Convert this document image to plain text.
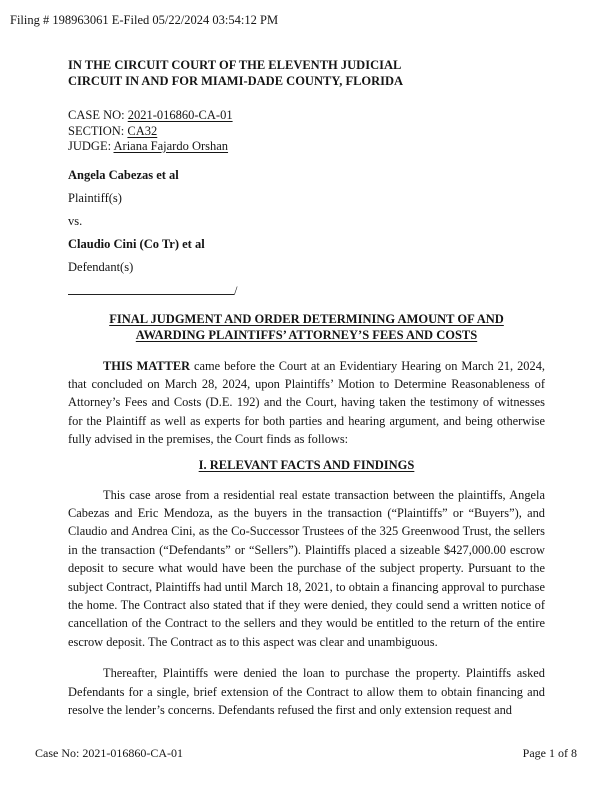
Filing # 198963061 E-Filed 05/22/2024 03:54:12 PM
IN THE CIRCUIT COURT OF THE ELEVENTH JUDICIAL
CIRCUIT IN AND FOR MIAMI-DADE COUNTY, FLORIDA
CASE NO: 2021-016860-CA-01
SECTION: CA32
JUDGE: Ariana Fajardo Orshan

Angela Cabezas et al

Plaintiff(s)

vs.

Claudio Cini (Co Tr) et al

Defendant(s)

/
FINAL JUDGMENT AND ORDER DETERMINING AMOUNT OF AND AWARDING PLAINTIFFS’ ATTORNEY’S FEES AND COSTS

THIS MATTER came before the Court at an Evidentiary Hearing on March 21, 2024, that concluded on March 28, 2024, upon Plaintiffs’ Motion to Determine Reasonableness of Attorney’s Fees and Costs (D.E. 192) and the Court, having taken the testimony of witnesses for the Plaintiff as well as experts for both parties and hearing argument, and being otherwise fully advised in the premises, the Court finds as follows:

I. RELEVANT FACTS AND FINDINGS

This case arose from a residential real estate transaction between the plaintiffs, Angela Cabezas and Eric Mendoza, as the buyers in the transaction (“Plaintiffs” or “Buyers”), and Claudio and Andrea Cini, as the Co-Successor Trustees of the 325 Greenwood Trust, the sellers in the transaction (“Defendants” or “Sellers”). Plaintiffs placed a sizeable $427,000.00 escrow deposit to secure what would have been the purchase of the subject property. Pursuant to the subject Contract, Plaintiffs had until March 18, 2021, to obtain a financing approval to purchase the home. The Contract also stated that if they were denied, they could send a written notice of cancellation of the Contract to the sellers and they would be entitled to the return of the entire escrow deposit. The Contract as to this aspect was clear and unambiguous.

Thereafter, Plaintiffs were denied the loan to purchase the property. Plaintiffs asked Defendants for a single, brief extension of the Contract to allow them to obtain financing and resolve the lender’s concerns. Defendants refused the first and only extension request and

Case No: 2021-016860-CA-01	Page 1 of 8
